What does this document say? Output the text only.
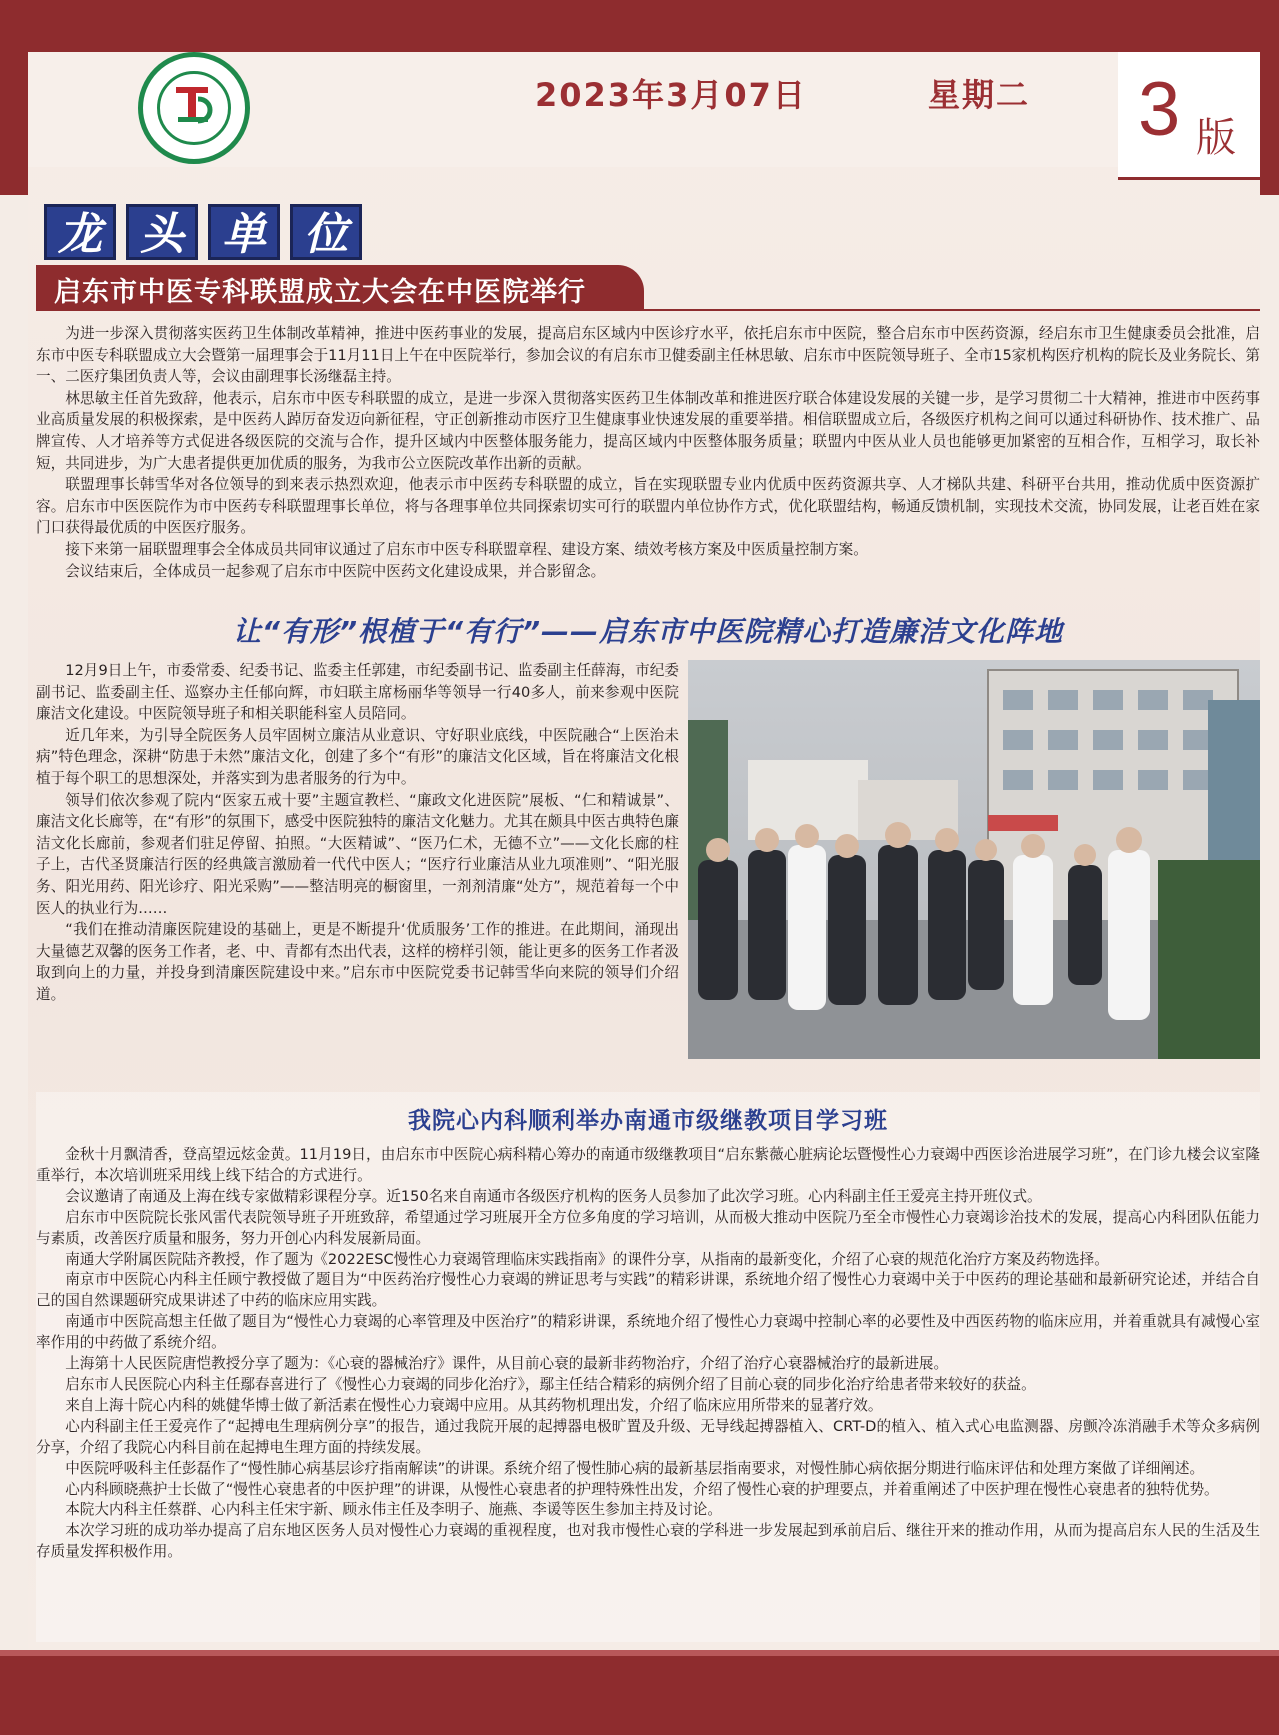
2023年3月07日	星期二 3 版
龙 头 单 位
启东市中医专科联盟成立大会在中医院举行

为进一步深入贯彻落实医药卫生体制改革精神，推进中医药事业的发展，提高启东区域内中医诊疗水平，依托启东市中医院，整合启东市中医药资源，经启东市卫生健康委员会批准，启东市中医专科联盟成立大会暨第一届理事会于11月11日上午在中医院举行，参加会议的有启东市卫健委副主任林思敏、启东市中医院领导班子、全市15家机构医疗机构的院长及业务院长、第一、二医疗集团负责人等，会议由副理事长汤继磊主持。

林思敏主任首先致辞，他表示，启东市中医专科联盟的成立，是进一步深入贯彻落实医药卫生体制改革和推进医疗联合体建设发展的关键一步，是学习贯彻二十大精神，推进市中医药事业高质量发展的积极探索，是中医药人踔厉奋发迈向新征程，守正创新推动市医疗卫生健康事业快速发展的重要举措。相信联盟成立后，各级医疗机构之间可以通过科研协作、技术推广、品牌宣传、人才培养等方式促进各级医院的交流与合作，提升区域内中医整体服务能力，提高区域内中医整体服务质量；联盟内中医从业人员也能够更加紧密的互相合作，互相学习，取长补短，共同进步，为广大患者提供更加优质的服务，为我市公立医院改革作出新的贡献。

联盟理事长韩雪华对各位领导的到来表示热烈欢迎，他表示市中医药专科联盟的成立，旨在实现联盟专业内优质中医药资源共享、人才梯队共建、科研平台共用，推动优质中医资源扩容。启东市中医医院作为市中医药专科联盟理事长单位，将与各理事单位共同探索切实可行的联盟内单位协作方式，优化联盟结构，畅通反馈机制，实现技术交流，协同发展，让老百姓在家门口获得最优质的中医医疗服务。

接下来第一届联盟理事会全体成员共同审议通过了启东市中医专科联盟章程、建设方案、绩效考核方案及中医质量控制方案。

会议结束后，全体成员一起参观了启东市中医院中医药文化建设成果，并合影留念。

让“有形”根植于“有行”——启东市中医院精心打造廉洁文化阵地

12月9日上午，市委常委、纪委书记、监委主任郭建，市纪委副书记、监委副主任薛海，市纪委副书记、监委副主任、巡察办主任郁向辉，市妇联主席杨丽华等领导一行40多人，前来参观中医院廉洁文化建设。中医院领导班子和相关职能科室人员陪同。

近几年来，为引导全院医务人员牢固树立廉洁从业意识、守好职业底线，中医院融合“上医治未病”特色理念，深耕“防患于未然”廉洁文化，创建了多个“有形”的廉洁文化区域，旨在将廉洁文化根植于每个职工的思想深处，并落实到为患者服务的行为中。

领导们依次参观了院内“医家五戒十要”主题宣教栏、“廉政文化进医院”展板、“仁和精诚景”、廉洁文化长廊等，在“有形”的氛围下，感受中医院独特的廉洁文化魅力。尤其在颇具中医古典特色廉洁文化长廊前，参观者们驻足停留、拍照。“大医精诚”、“医乃仁术，无德不立”——文化长廊的柱子上，古代圣贤廉洁行医的经典箴言激励着一代代中医人；“医疗行业廉洁从业九项准则”、“阳光服务、阳光用药、阳光诊疗、阳光采购”——整洁明亮的橱窗里，一剂剂清廉“处方”，规范着每一个中医人的执业行为……

“我们在推动清廉医院建设的基础上，更是不断提升‘优质服务’工作的推进。在此期间，涌现出大量德艺双馨的医务工作者，老、中、青都有杰出代表，这样的榜样引领，能让更多的医务工作者汲取到向上的力量，并投身到清廉医院建设中来。”启东市中医院党委书记韩雪华向来院的领导们介绍道。

我院心内科顺利举办南通市级继教项目学习班

金秋十月飘清香，登高望远炫金黄。11月19日，由启东市中医院心病科精心筹办的南通市级继教项目“启东紫薇心脏病论坛暨慢性心力衰竭中西医诊治进展学习班”，在门诊九楼会议室隆重举行，本次培训班采用线上线下结合的方式进行。

会议邀请了南通及上海在线专家做精彩课程分享。近150名来自南通市各级医疗机构的医务人员参加了此次学习班。心内科副主任王爱亮主持开班仪式。

启东市中医院院长张风雷代表院领导班子开班致辞，希望通过学习班展开全方位多角度的学习培训，从而极大推动中医院乃至全市慢性心力衰竭诊治技术的发展，提高心内科团队伍能力与素质，改善医疗质量和服务，努力开创心内科发展新局面。

南通大学附属医院陆齐教授，作了题为《2022ESC慢性心力衰竭管理临床实践指南》的课件分享，从指南的最新变化，介绍了心衰的规范化治疗方案及药物选择。

南京市中医院心内科主任顾宁教授做了题目为“中医药治疗慢性心力衰竭的辨证思考与实践”的精彩讲课，系统地介绍了慢性心力衰竭中关于中医药的理论基础和最新研究论述，并结合自己的国自然课题研究成果讲述了中药的临床应用实践。

南通市中医院高想主任做了题目为“慢性心力衰竭的心率管理及中医治疗”的精彩讲课，系统地介绍了慢性心力衰竭中控制心率的必要性及中西医药物的临床应用，并着重就具有减慢心室率作用的中药做了系统介绍。

上海第十人民医院唐恺教授分享了题为：《心衰的器械治疗》课件，从目前心衰的最新非药物治疗，介绍了治疗心衰器械治疗的最新进展。

启东市人民医院心内科主任鄢春喜进行了《慢性心力衰竭的同步化治疗》，鄢主任结合精彩的病例介绍了目前心衰的同步化治疗给患者带来较好的获益。

来自上海十院心内科的姚健华博士做了新活素在慢性心力衰竭中应用。从其药物机理出发，介绍了临床应用所带来的显著疗效。

心内科副主任王爱亮作了“起搏电生理病例分享”的报告，通过我院开展的起搏器电极旷置及升级、无导线起搏器植入、CRT-D的植入、植入式心电监测器、房颤冷冻消融手术等众多病例分享，介绍了我院心内科目前在起搏电生理方面的持续发展。

中医院呼吸科主任彭磊作了“慢性肺心病基层诊疗指南解读”的讲课。系统介绍了慢性肺心病的最新基层指南要求，对慢性肺心病依据分期进行临床评估和处理方案做了详细阐述。

心内科顾晓燕护士长做了“慢性心衰患者的中医护理”的讲课，从慢性心衰患者的护理特殊性出发，介绍了慢性心衰的护理要点，并着重阐述了中医护理在慢性心衰患者的独特优势。

本院大内科主任蔡群、心内科主任宋宇新、顾永伟主任及李明子、施燕、李谖等医生参加主持及讨论。

本次学习班的成功举办提高了启东地区医务人员对慢性心力衰竭的重视程度，也对我市慢性心衰的学科进一步发展起到承前启后、继往开来的推动作用，从而为提高启东人民的生活及生存质量发挥积极作用。
